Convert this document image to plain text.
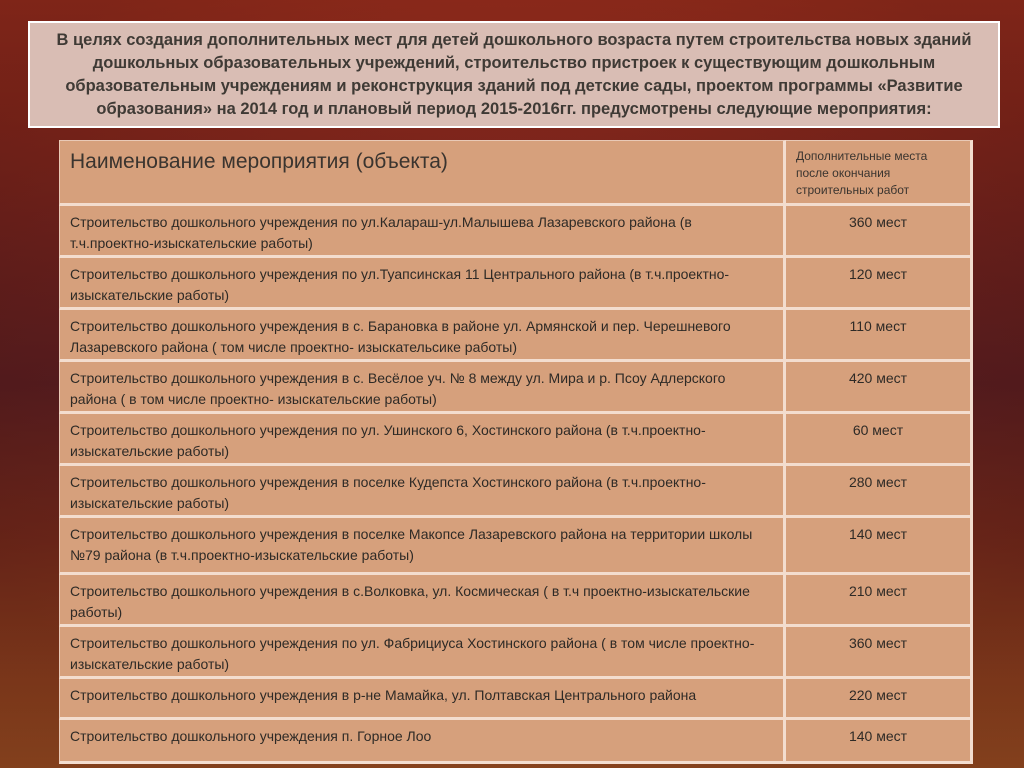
В целях создания дополнительных мест для детей дошкольного возраста путем строительства новых зданий дошкольных образовательных учреждений, строительство пристроек к существующим дошкольным образовательным учреждениям и реконструкция зданий под детские сады, проектом программы «Развитие образования» на 2014 год и плановый период 2015-2016гг. предусмотрены следующие мероприятия:
Наименование мероприятия (объекта)	Дополнительные места после окончания строительных работ
Строительство дошкольного учреждения по ул.Калараш-ул.Малышева Лазаревского района (в т.ч.проектно-изыскательские работы)	360 мест
Строительство дошкольного учреждения по ул.Туапсинская 11 Центрального района (в т.ч.проектно-изыскательские работы)	120 мест
Строительство дошкольного учреждения в с. Барановка в районе ул. Армянской и пер. Черешневого Лазаревского района ( том числе проектно- изыскательсике работы)	110 мест
Строительство дошкольного учреждения в с. Весёлое уч. № 8 между ул. Мира и р. Псоу Адлерского района ( в том числе проектно- изыскательские работы)	420 мест
Строительство дошкольного учреждения по ул. Ушинского 6, Хостинского района (в т.ч.проектно-изыскательские работы)	60 мест
Строительство дошкольного учреждения в поселке Кудепста Хостинского района (в т.ч.проектно-изыскательские работы)	280 мест
Строительство дошкольного учреждения в поселке Макопсе Лазаревского района на территории школы №79 района (в т.ч.проектно-изыскательские работы)	140 мест
Строительство дошкольного учреждения в с.Волковка, ул. Космическая ( в т.ч проектно-изыскательские работы)	210 мест
Строительство дошкольного учреждения по ул. Фабрициуса Хостинского района ( в том числе проектно- изыскательские работы)	360 мест
Строительство дошкольного учреждения в р-не Мамайка, ул. Полтавская Центрального района	220 мест
Строительство дошкольного учреждения п. Горное Лоо	140 мест
